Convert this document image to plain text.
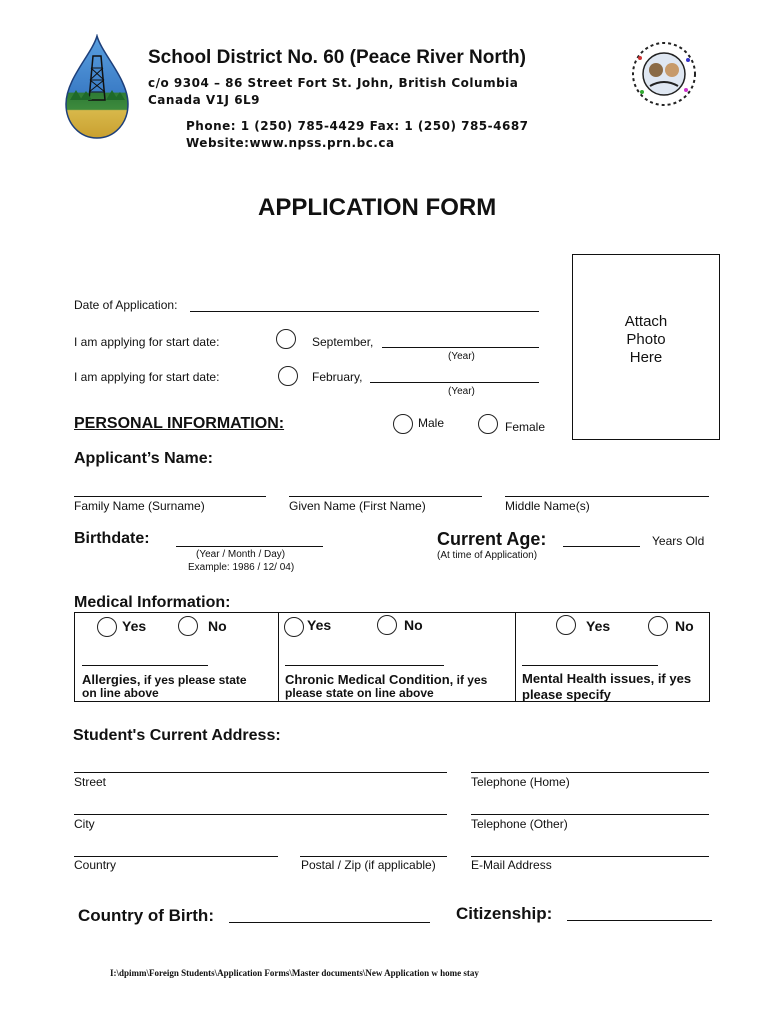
School District No. 60 (Peace River North)
c/o 9304 – 86 Street Fort St. John, British Columbia
Canada V1J 6L9
Phone: 1 (250) 785-4429 Fax: 1 (250) 785-4687
Website:www.npss.prn.bc.ca
APPLICATION FORM
Attach
Photo
Here
Date of Application:
I am applying for start date:	September,
(Year)
I am applying for start date:	February,
(Year)
PERSONAL INFORMATION:	Male	Female
Applicant’s Name:
Family Name (Surname)	Given Name (First Name)	Middle Name(s)
Birthdate:
(Year / Month / Day)
Example: 1986 / 12/ 04)
Current Age:
(At time of Application)
Years Old
Medical Information:
Yes	No
Allergies, if yes please state
on line above
Yes	No
Chronic Medical Condition, if yes
please state on line above
Yes	No
Mental Health issues, if yes
please specify
Student's Current Address:
Street	Telephone (Home)
City	Telephone (Other)
Country	Postal / Zip (if applicable)	E-Mail Address
Country of Birth:	Citizenship:
I:\dpimm\Foreign Students\Application Forms\Master documents\New Application w home stay
